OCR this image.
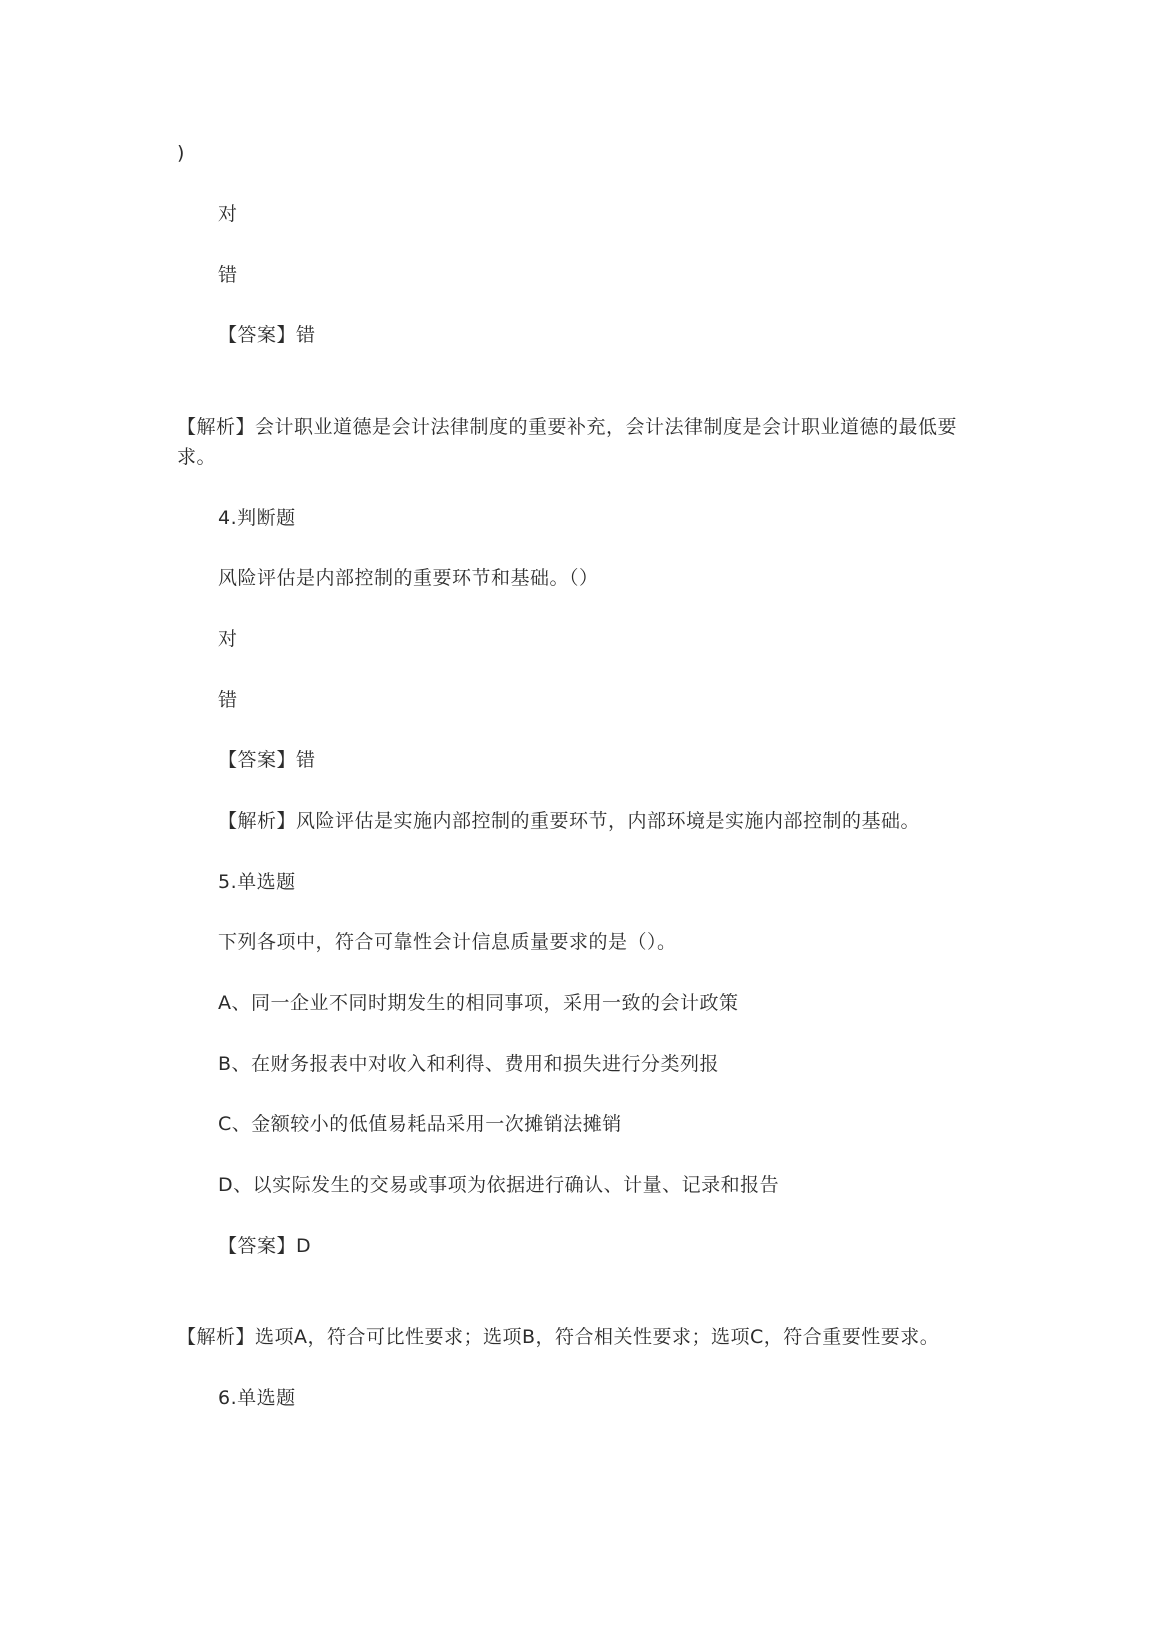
)
对
错
【答案】错
【解析】会计职业道德是会计法律制度的重要补充，会计法律制度是会计职业道德的最低要求。
4.判断题
风险评估是内部控制的重要环节和基础。（）
对
错
【答案】错
【解析】风险评估是实施内部控制的重要环节，内部环境是实施内部控制的基础。
5.单选题
下列各项中，符合可靠性会计信息质量要求的是（）。
A、同一企业不同时期发生的相同事项，采用一致的会计政策
B、在财务报表中对收入和利得、费用和损失进行分类列报
C、金额较小的低值易耗品采用一次摊销法摊销
D、以实际发生的交易或事项为依据进行确认、计量、记录和报告
【答案】D
【解析】选项A，符合可比性要求；选项B，符合相关性要求；选项C，符合重要性要求。
6.单选题
